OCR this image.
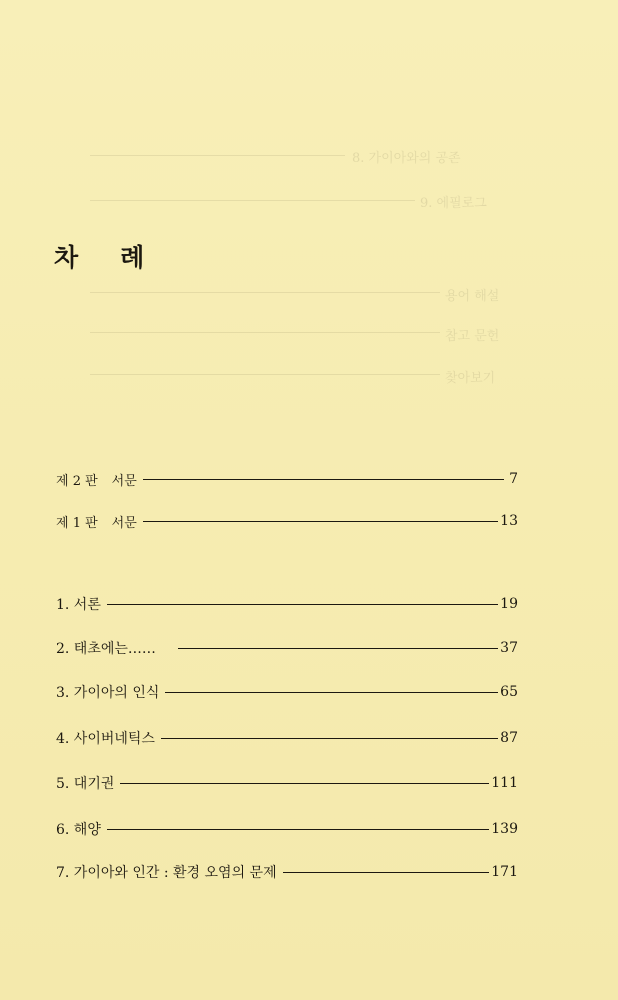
8. 가이아와의 공존
9. 에필로그
용어 해설
참고 문헌
찾아보기
차 례
제 2 판 서문	7
제 1 판 서문	13
1. 서론	19
2. 태초에는……	37
3. 가이아의 인식	65
4. 사이버네틱스	87
5. 대기권	111
6. 해양	139
7. 가이아와 인간 : 환경 오염의 문제	171
